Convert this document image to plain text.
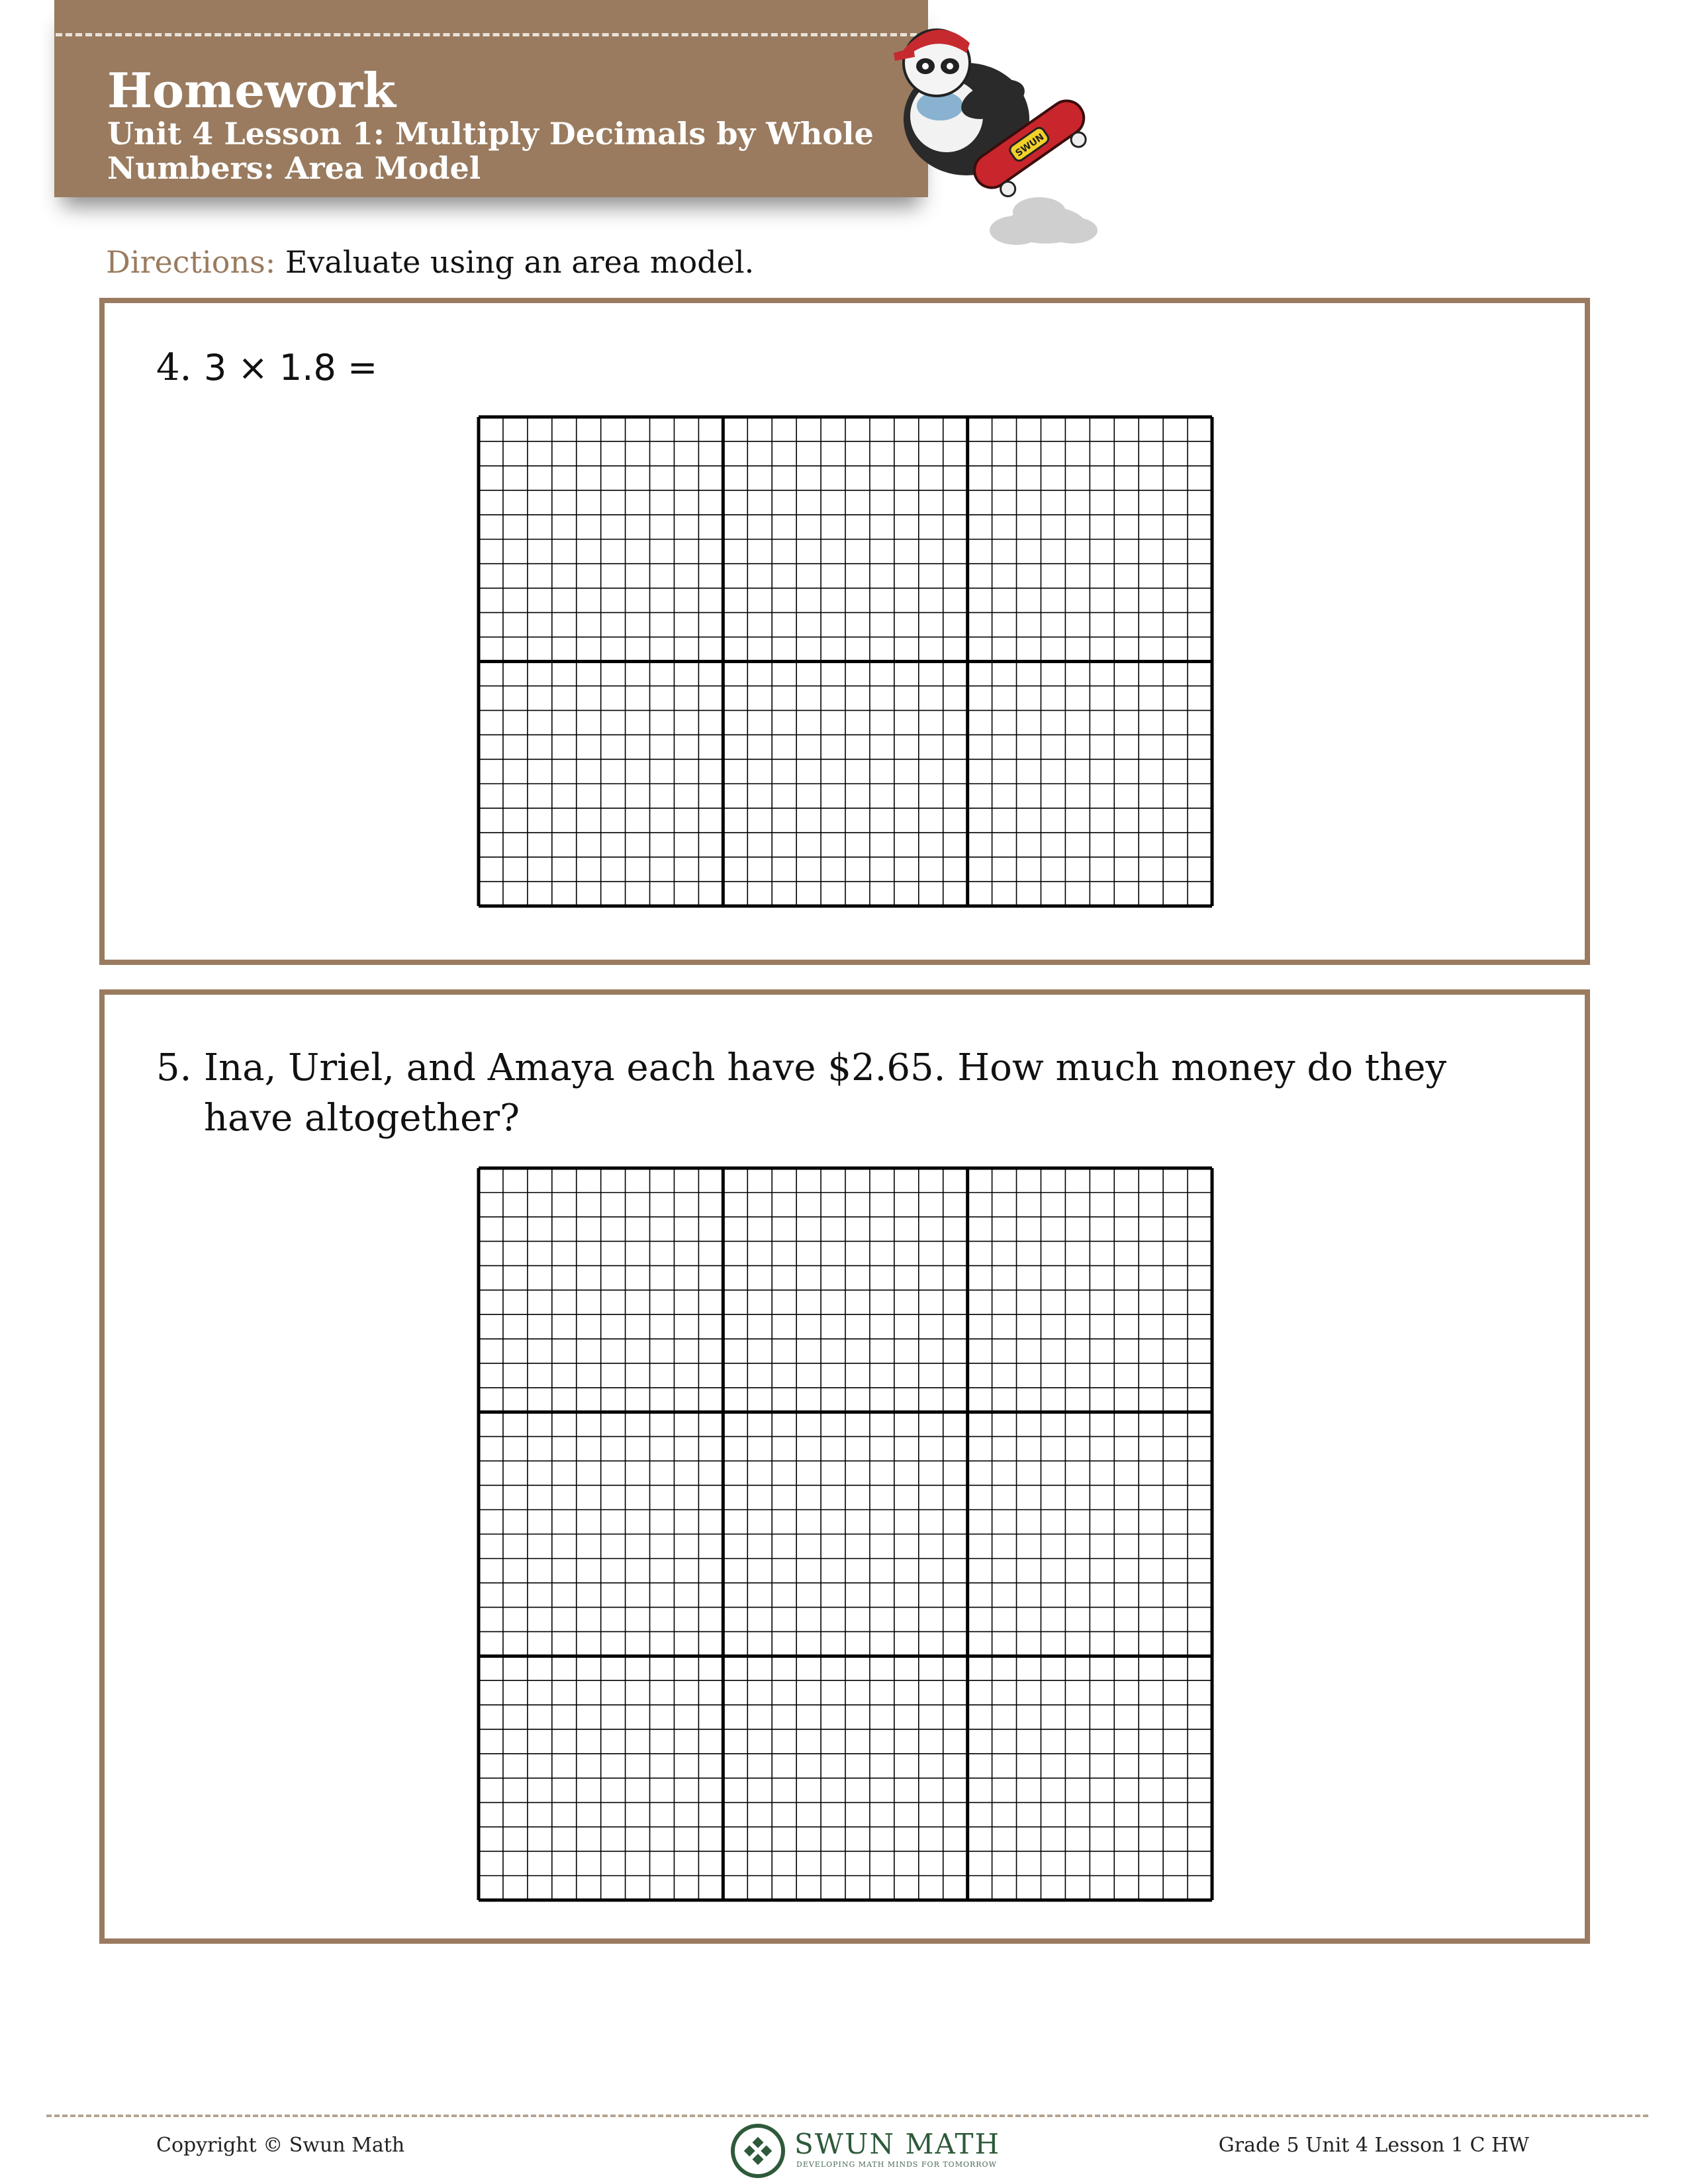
Homework
Unit 4 Lesson 1: Multiply Decimals by Whole Numbers: Area Model
SWUN
Directions: Evaluate using an area model.
4. 3 × 1.8 =
5. Ina, Uriel, and Amaya each have $2.65. How much money do they have altogether?
Copyright © Swun Math	SWUN MATH
DEVELOPING MATH MINDS FOR TOMORROW
Grade 5 Unit 4 Lesson 1 C HW
